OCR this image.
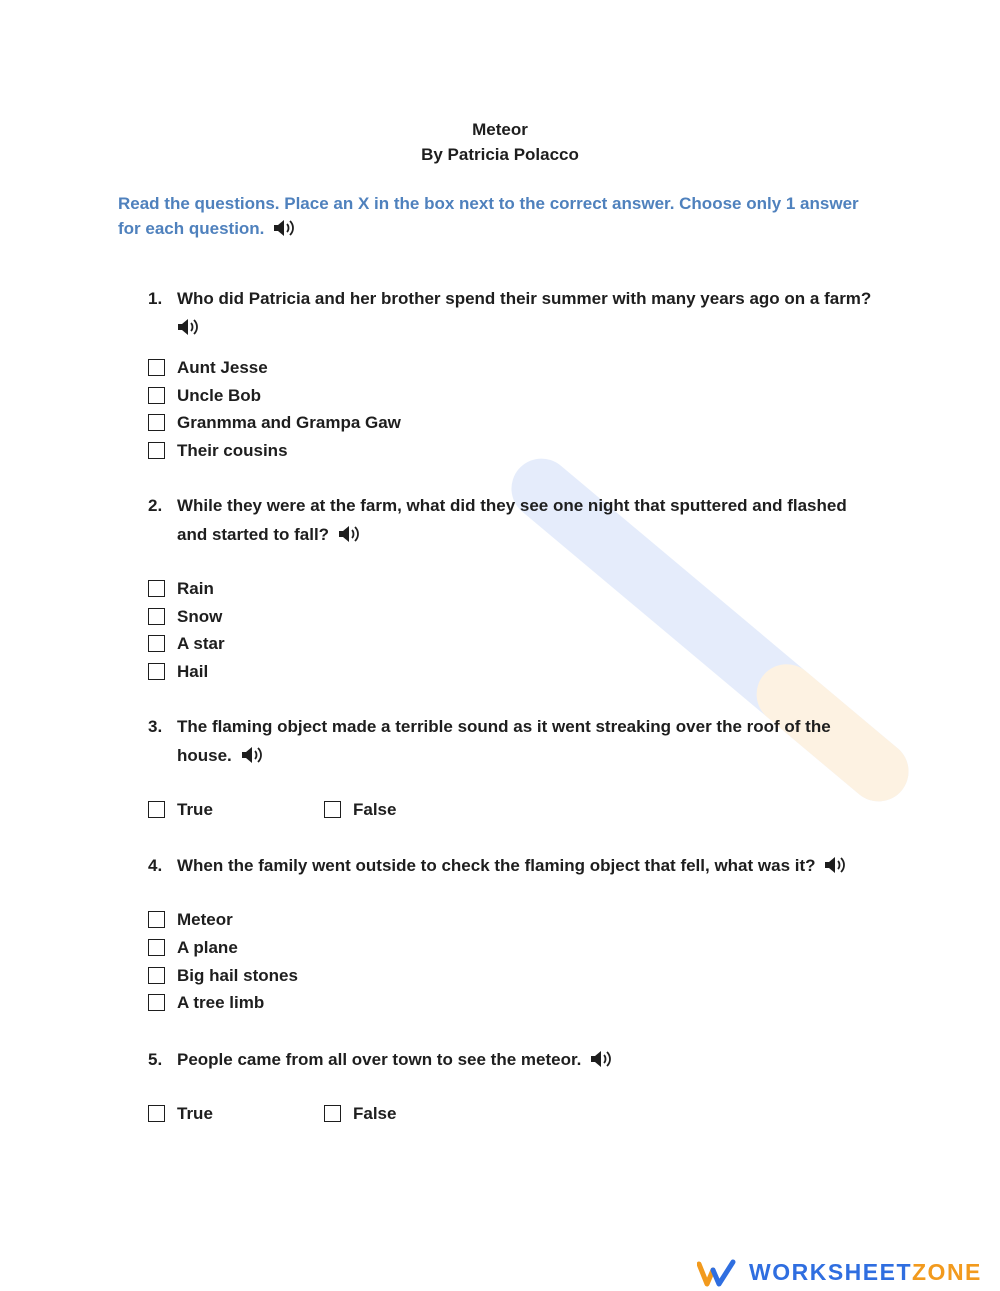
Meteor
By Patricia Polacco
Read the questions. Place an X in the box next to the correct answer. Choose only 1 answer
for each question.
1. Who did Patricia and her brother spend their summer with many years ago on a farm?

Aunt Jesse
Uncle Bob
Granmma and Grampa Gaw
Their cousins
2. While they were at the farm, what did they see one night that sputtered and flashed
and started to fall?
Rain
Snow
A star
Hail
3. The flaming object made a terrible sound as it went streaking over the roof of the
house.
True	False
4. When the family went outside to check the flaming object that fell, what was it?
Meteor
A plane
Big hail stones
A tree limb
5. People came from all over town to see the meteor.
True	False
WORKSHEETZONE
